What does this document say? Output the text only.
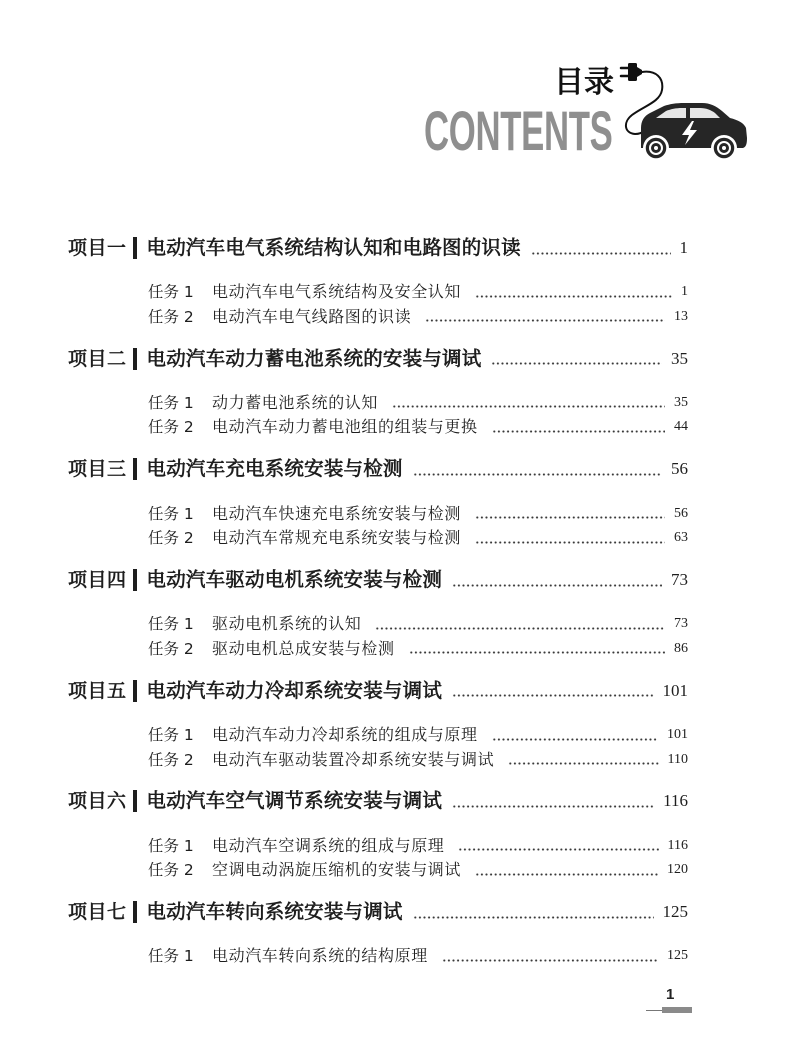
目录
CONTENTS
项目一 电动汽车电气系统结构认知和电路图的识读	1
任务 1	电动汽车电气系统结构及安全认知	1
任务 2	电动汽车电气线路图的识读	13
项目二 电动汽车动力蓄电池系统的安装与调试	35
任务 1	动力蓄电池系统的认知	35
任务 2	电动汽车动力蓄电池组的组装与更换	44
项目三 电动汽车充电系统安装与检测	56
任务 1	电动汽车快速充电系统安装与检测	56
任务 2	电动汽车常规充电系统安装与检测	63
项目四 电动汽车驱动电机系统安装与检测	73
任务 1	驱动电机系统的认知	73
任务 2	驱动电机总成安装与检测	86
项目五 电动汽车动力冷却系统安装与调试	101
任务 1	电动汽车动力冷却系统的组成与原理	101
任务 2	电动汽车驱动装置冷却系统安装与调试	110
项目六 电动汽车空气调节系统安装与调试	116
任务 1	电动汽车空调系统的组成与原理	116
任务 2	空调电动涡旋压缩机的安装与调试	120
项目七 电动汽车转向系统安装与调试	125
任务 1	电动汽车转向系统的结构原理	125
1
